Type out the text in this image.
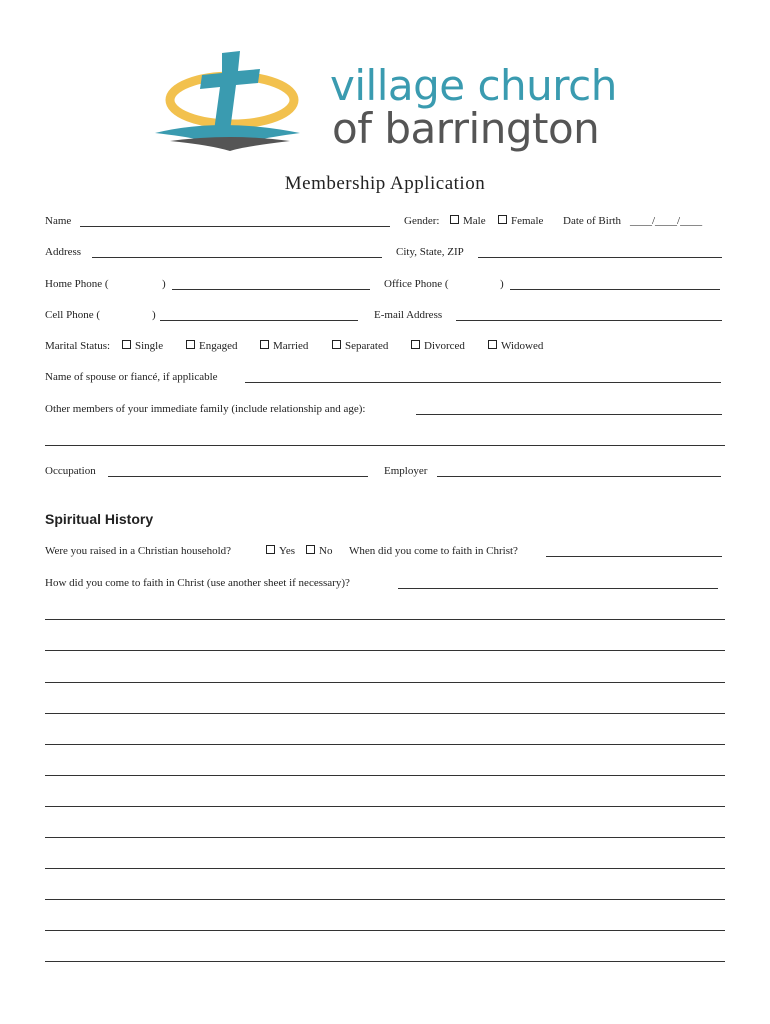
village church
of barrington
Membership Application
Name	Gender:	Male	Female Date of Birth ____/____/____
Address	City, State, ZIP
Home Phone (	)	Office Phone (	)
Cell Phone (	)	E-mail Address
Marital Status:	Single	Engaged	Married	Separated	Divorced	Widowed
Name of spouse or fiancé, if applicable
Other members of your immediate family (include relationship and age):
Occupation	Employer
Spiritual History
Were you raised in a Christian household?	Yes	No When did you come to faith in Christ?
How did you come to faith in Christ (use another sheet if necessary)?
